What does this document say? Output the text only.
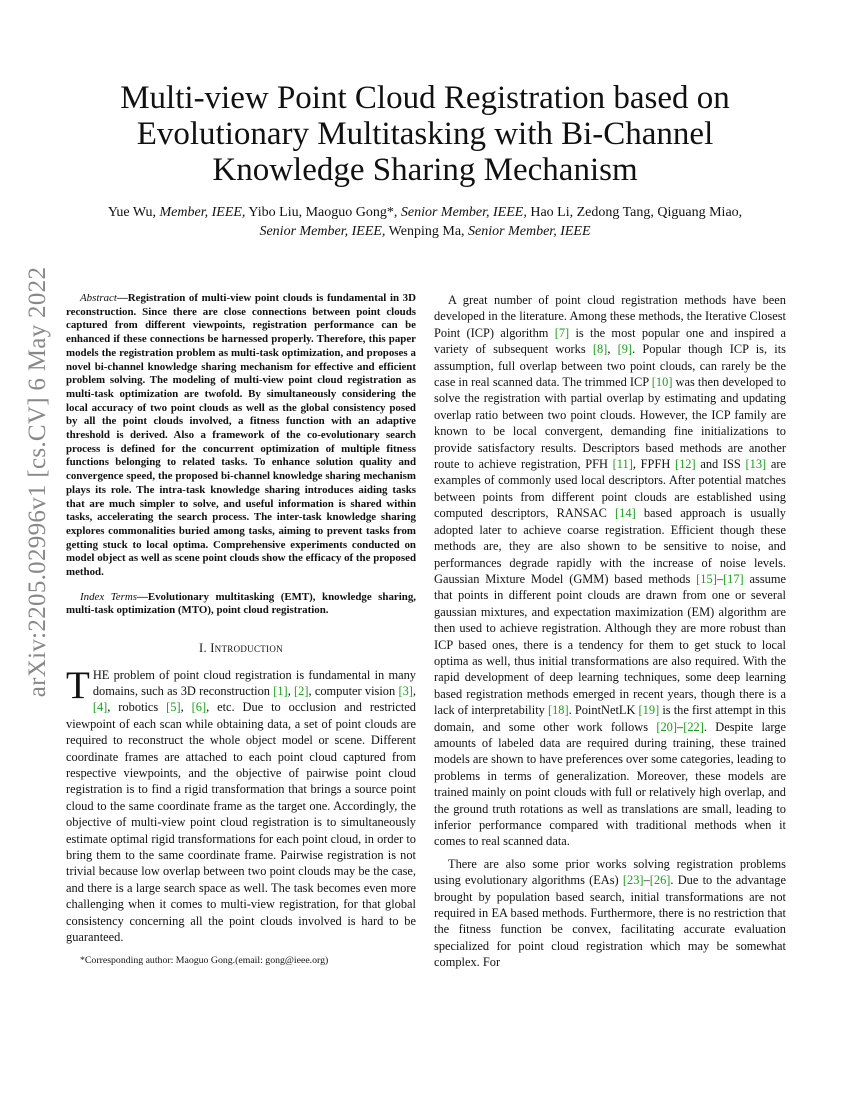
arXiv:2205.02996v1 [cs.CV] 6 May 2022
Multi-view Point Cloud Registration based on Evolutionary Multitasking with Bi-Channel Knowledge Sharing Mechanism
Yue Wu, Member, IEEE, Yibo Liu, Maoguo Gong*, Senior Member, IEEE, Hao Li, Zedong Tang, Qiguang Miao, Senior Member, IEEE, Wenping Ma, Senior Member, IEEE

Abstract—Registration of multi-view point clouds is fundamental in 3D reconstruction. Since there are close connections between point clouds captured from different viewpoints, registration performance can be enhanced if these connections be harnessed properly. Therefore, this paper models the registration problem as multi-task optimization, and proposes a novel bi-channel knowledge sharing mechanism for effective and efficient problem solving. The modeling of multi-view point cloud registration as multi-task optimization are twofold. By simultaneously considering the local accuracy of two point clouds as well as the global consistency posed by all the point clouds involved, a fitness function with an adaptive threshold is derived. Also a framework of the co-evolutionary search process is defined for the concurrent optimization of multiple fitness functions belonging to related tasks. To enhance solution quality and convergence speed, the proposed bi-channel knowledge sharing mechanism plays its role. The intra-task knowledge sharing introduces aiding tasks that are much simpler to solve, and useful information is shared within tasks, accelerating the search process. The inter-task knowledge sharing explores commonalities buried among tasks, aiming to prevent tasks from getting stuck to local optima. Comprehensive experiments conducted on model object as well as scene point clouds show the efficacy of the proposed method.

Index Terms—Evolutionary multitasking (EMT), knowledge sharing, multi-task optimization (MTO), point cloud registration.

I. Introduction

THE problem of point cloud registration is fundamental in many domains, such as 3D reconstruction [1], [2], computer vision [3], [4], robotics [5], [6], etc. Due to occlusion and restricted viewpoint of each scan while obtaining data, a set of point clouds are required to reconstruct the whole object model or scene. Different coordinate frames are attached to each point cloud captured from respective viewpoints, and the objective of pairwise point cloud registration is to find a rigid transformation that brings a source point cloud to the same coordinate frame as the target one. Accordingly, the objective of multi-view point cloud registration is to simultaneously estimate optimal rigid transformations for each point cloud, in order to bring them to the same coordinate frame. Pairwise registration is not trivial because low overlap between two point clouds may be the case, and there is a large search space as well. The task becomes even more challenging when it comes to multi-view registration, for that global consistency concerning all the point clouds involved is hard to be guaranteed.

*Corresponding author: Maoguo Gong.(email: gong@ieee.org)

A great number of point cloud registration methods have been developed in the literature. Among these methods, the Iterative Closest Point (ICP) algorithm [7] is the most popular one and inspired a variety of subsequent works [8], [9]. Popular though ICP is, its assumption, full overlap between two point clouds, can rarely be the case in real scanned data. The trimmed ICP [10] was then developed to solve the registration with partial overlap by estimating and updating overlap ratio between two point clouds. However, the ICP family are known to be local convergent, demanding fine initializations to provide satisfactory results. Descriptors based methods are another route to achieve registration, PFH [11], FPFH [12] and ISS [13] are examples of commonly used local descriptors. After potential matches between points from different point clouds are established using computed descriptors, RANSAC [14] based approach is usually adopted later to achieve coarse registration. Efficient though these methods are, they are also shown to be sensitive to noise, and performances degrade rapidly with the increase of noise levels. Gaussian Mixture Model (GMM) based methods [15]–[17] assume that points in different point clouds are drawn from one or several gaussian mixtures, and expectation maximization (EM) algorithm are then used to achieve registration. Although they are more robust than ICP based ones, there is a tendency for them to get stuck to local optima as well, thus initial transformations are also required. With the rapid development of deep learning techniques, some deep learning based registration methods emerged in recent years, though there is a lack of interpretability [18]. PointNetLK [19] is the first attempt in this domain, and some other work follows [20]–[22]. Despite large amounts of labeled data are required during training, these trained models are shown to have preferences over some categories, leading to problems in terms of generalization. Moreover, these models are trained mainly on point clouds with full or relatively high overlap, and the ground truth rotations as well as translations are small, leading to inferior performance compared with traditional methods when it comes to real scanned data.

There are also some prior works solving registration problems using evolutionary algorithms (EAs) [23]–[26]. Due to the advantage brought by population based search, initial transformations are not required in EA based methods. Furthermore, there is no restriction that the fitness function be convex, facilitating accurate evaluation specialized for point cloud registration which may be somewhat complex. For
